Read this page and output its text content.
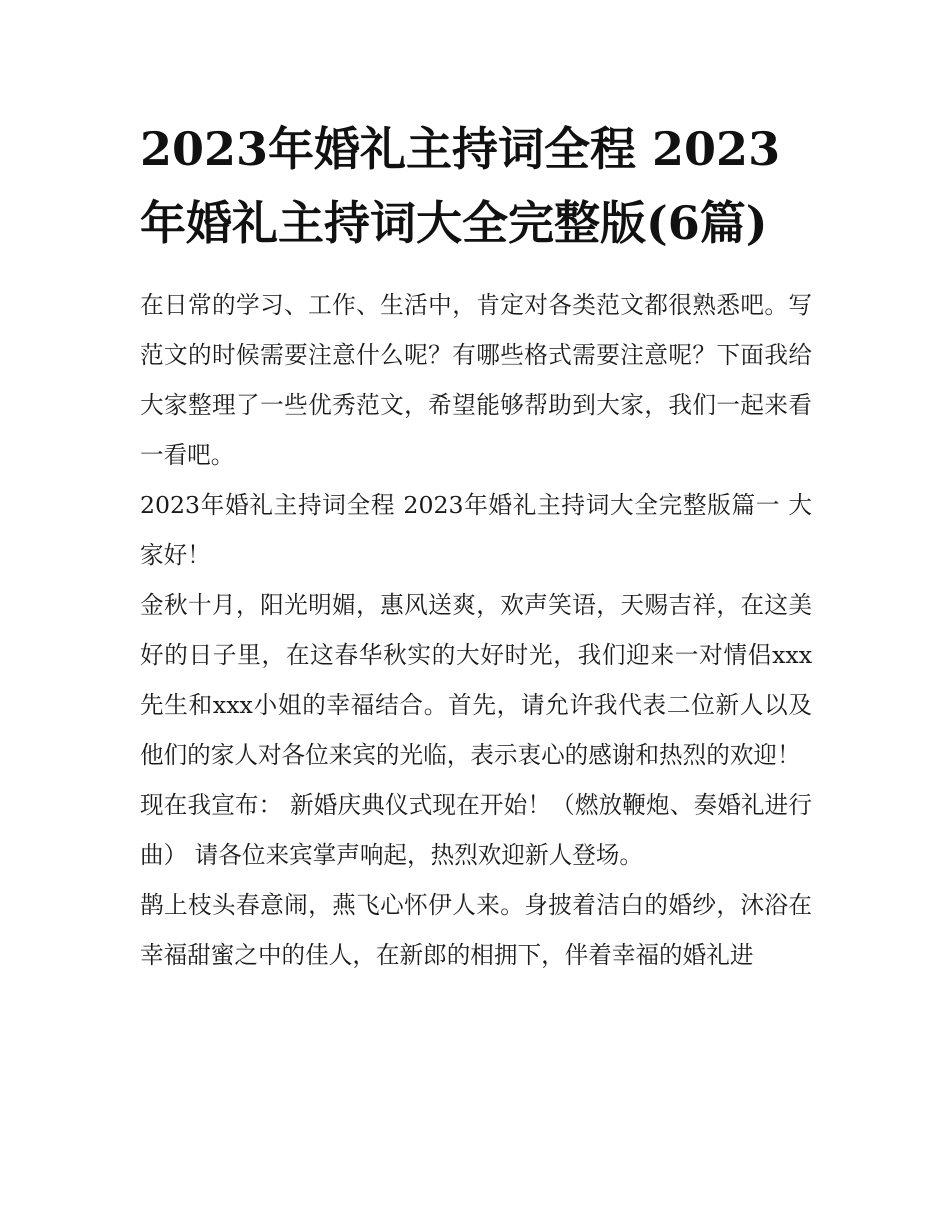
2023年婚礼主持词全程 2023年婚礼主持词大全完整版(6篇)

在日常的学习、工作、生活中，肯定对各类范文都很熟悉吧。写范文的时候需要注意什么呢？有哪些格式需要注意呢？下面我给大家整理了一些优秀范文，希望能够帮助到大家，我们一起来看一看吧。

2023年婚礼主持词全程 2023年婚礼主持词大全完整版篇一 大家好！

金秋十月，阳光明媚，惠风送爽，欢声笑语，天赐吉祥，在这美好的日子里，在这春华秋实的大好时光，我们迎来一对情侣xxx先生和xxx小姐的幸福结合。首先，请允许我代表二位新人以及他们的家人对各位来宾的光临，表示衷心的感谢和热烈的欢迎！

现在我宣布： 新婚庆典仪式现在开始！（燃放鞭炮、奏婚礼进行曲） 请各位来宾掌声响起，热烈欢迎新人登场。

鹊上枝头春意闹，燕飞心怀伊人来。身披着洁白的婚纱，沐浴在幸福甜蜜之中的佳人，在新郎的相拥下，伴着幸福的婚礼进
